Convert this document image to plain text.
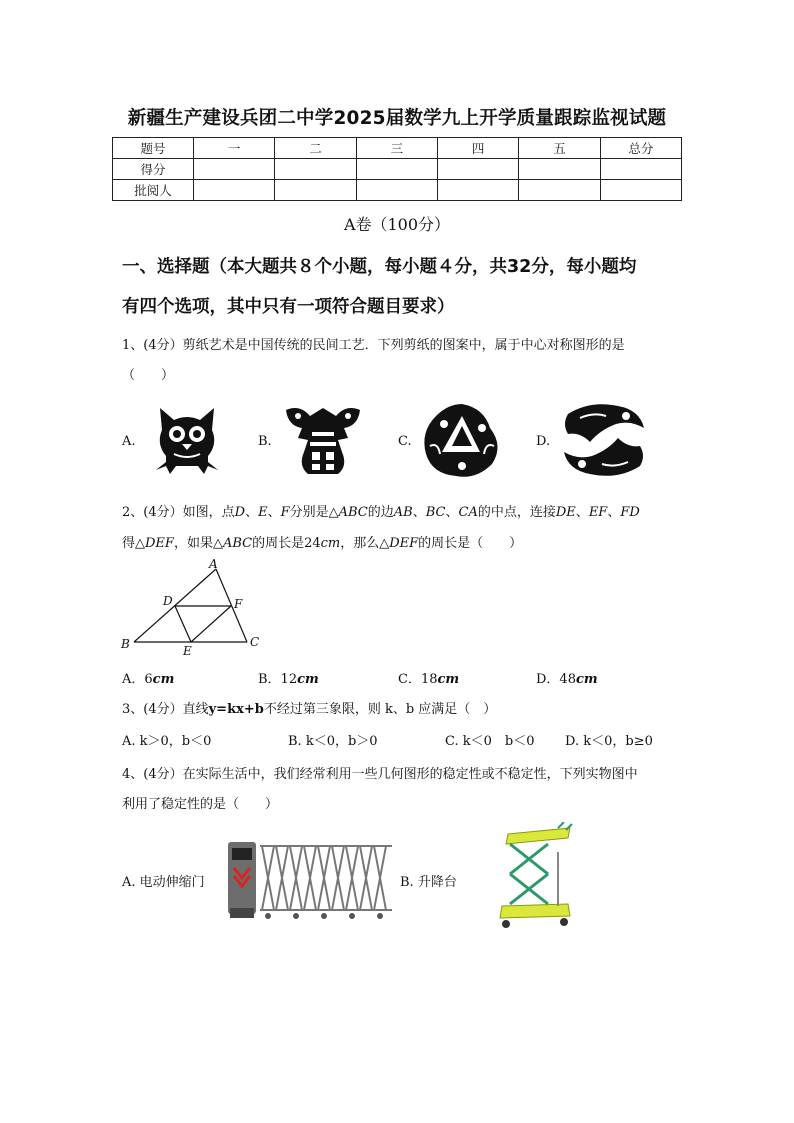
新疆生产建设兵团二中学2025届数学九上开学质量跟踪监视试题
题号	一	二	三	四	五	总分
得分						
批阅人						
A卷（100分）
一、选择题（本大题共８个小题，每小题４分，共32分，每小题均
有四个选项，其中只有一项符合题目要求）
1、(4分）剪纸艺术是中国传统的民间工艺．下列剪纸的图案中，属于中心对称图形的是
（　　）
A.	B.	C.	D.
2、(4分）如图，点D、E、F分别是△ABC的边AB、BC、CA的中点，连接DE、EF、FD
得△DEF，如果△ABC的周长是24cm，那么△DEF的周长是（　　）
A
B	C
D
E
F
A．6cm	B．12cm	C．18cm	D．48cm
3、(4分）直线y=kx+b不经过第三象限，则 k、b 应满足（　）
A. k＞0，b＜0	B. k＜0，b＞0	C. k＜0　b＜0 D. k＜0，b≥0
4、(4分）在实际生活中，我们经常利用一些几何图形的稳定性或不稳定性，下列实物图中
利用了稳定性的是（　　）
A. 电动伸缩门	B. 升降台
